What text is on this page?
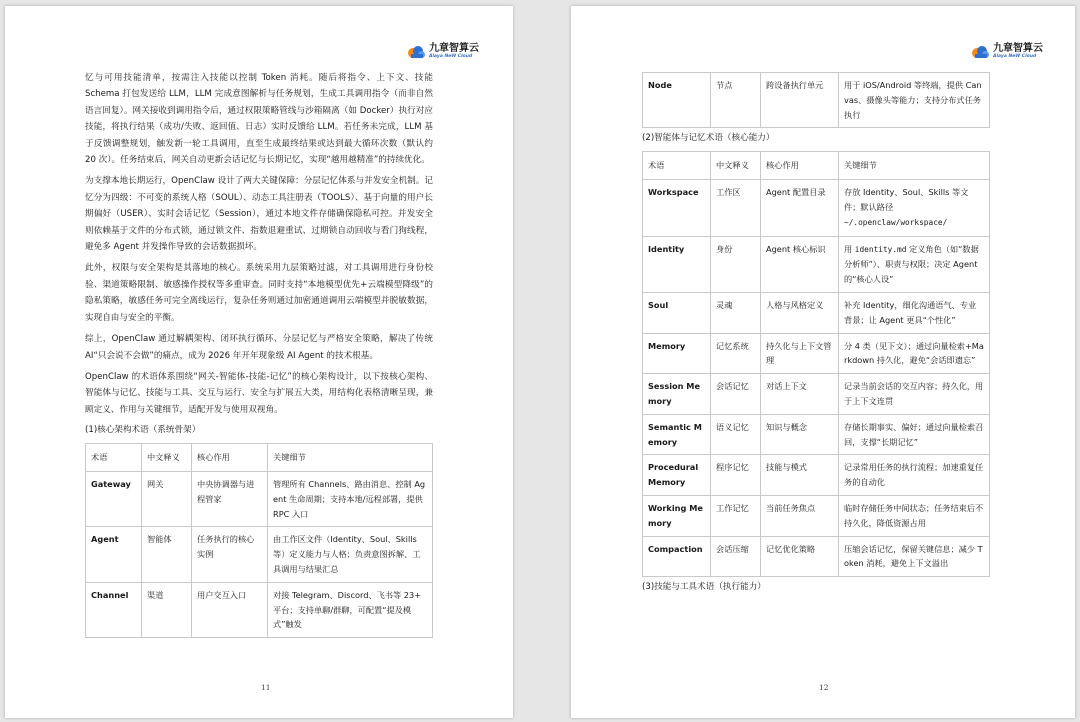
九章智算云
Alaya NeW Cloud

忆与可用技能清单，按需注入技能以控制 Token 消耗。随后将指令、上下文、技能 Schema 打包发送给 LLM，LLM 完成意图解析与任务规划，生成工具调用指令（而非自然语言回复）。网关接收到调用指令后，通过权限策略管线与沙箱隔离（如 Docker）执行对应技能，将执行结果（成功/失败、返回值、日志）实时反馈给 LLM。若任务未完成，LLM 基于反馈调整规划，触发新一轮工具调用，直至生成最终结果或达到最大循环次数（默认约 20 次）。任务结束后，网关自动更新会话记忆与长期记忆，实现“越用越精准”的持续优化。

为支撑本地长期运行，OpenClaw 设计了两大关键保障：分层记忆体系与并发安全机制。记忆分为四级：不可变的系统人格（SOUL）、动态工具注册表（TOOLS）、基于向量的用户长期偏好（USER）、实时会话记忆（Session），通过本地文件存储确保隐私可控。并发安全则依赖基于文件的分布式锁，通过锁文件、指数退避重试、过期锁自动回收与看门狗线程，避免多 Agent 并发操作导致的会话数据损坏。

此外，权限与安全架构是其落地的核心。系统采用九层策略过滤，对工具调用进行身份校验、渠道策略限制、敏感操作授权等多重审查。同时支持“本地模型优先+云端模型降级”的隐私策略，敏感任务可完全离线运行，复杂任务则通过加密通道调用云端模型并脱敏数据，实现自由与安全的平衡。

综上，OpenClaw 通过解耦架构、闭环执行循环、分层记忆与严格安全策略，解决了传统 AI“只会说不会做”的痛点，成为 2026 年开年现象级 AI Agent 的技术根基。

OpenClaw 的术语体系围绕“网关-智能体-技能-记忆”的核心架构设计，以下按核心架构、智能体与记忆、技能与工具、交互与运行、安全与扩展五大类，用结构化表格清晰呈现，兼顾定义、作用与关键细节，适配开发与使用双视角。

(1)核心架构术语（系统骨架）

术语	中文释义	核心作用	关键细节
Gateway	网关	中央协调器与进程管家	管理所有 Channels、路由消息、控制 Agent 生命周期；支持本地/远程部署，提供 RPC 入口
Agent	智能体	任务执行的核心实例	由工作区文件（Identity、Soul、Skills 等）定义能力与人格；负责意图拆解、工具调用与结果汇总
Channel	渠道	用户交互入口	对接 Telegram、Discord、飞书等 23+ 平台；支持单聊/群聊，可配置“提及模式”触发
11
九章智算云
Alaya NeW Cloud
Node	节点	跨设备执行单元	用于 iOS/Android 等终端，提供 Canvas、摄像头等能力；支持分布式任务执行

(2)智能体与记忆术语（核心能力）

术语	中文释义	核心作用	关键细节
Workspace	工作区	Agent 配置目录	存放 Identity、Soul、Skills 等文件；默认路径
~/.openclaw/workspace/
Identity	身份	Agent 核心标识	用 identity.md 定义角色（如“数据分析师”）、职责与权限；决定 Agent 的“核心人设”
Soul	灵魂	人格与风格定义	补充 Identity，细化沟通语气、专业背景；让 Agent 更具“个性化”
Memory	记忆系统	持久化与上下文管理	分 4 类（见下文）；通过向量检索+Markdown 持久化，避免“会话即遗忘”
Session Memory	会话记忆	对话上下文	记录当前会话的交互内容；持久化，用于上下文连贯
Semantic Memory	语义记忆	知识与概念	存储长期事实、偏好；通过向量检索召回，支撑“长期记忆”
Procedural Memory	程序记忆	技能与模式	记录常用任务的执行流程；加速重复任务的自动化
Working Memory	工作记忆	当前任务焦点	临时存储任务中间状态；任务结束后不持久化，降低资源占用
Compaction	会话压缩	记忆优化策略	压缩会话记忆，保留关键信息；减少 Token 消耗，避免上下文溢出

(3)技能与工具术语（执行能力）

12
